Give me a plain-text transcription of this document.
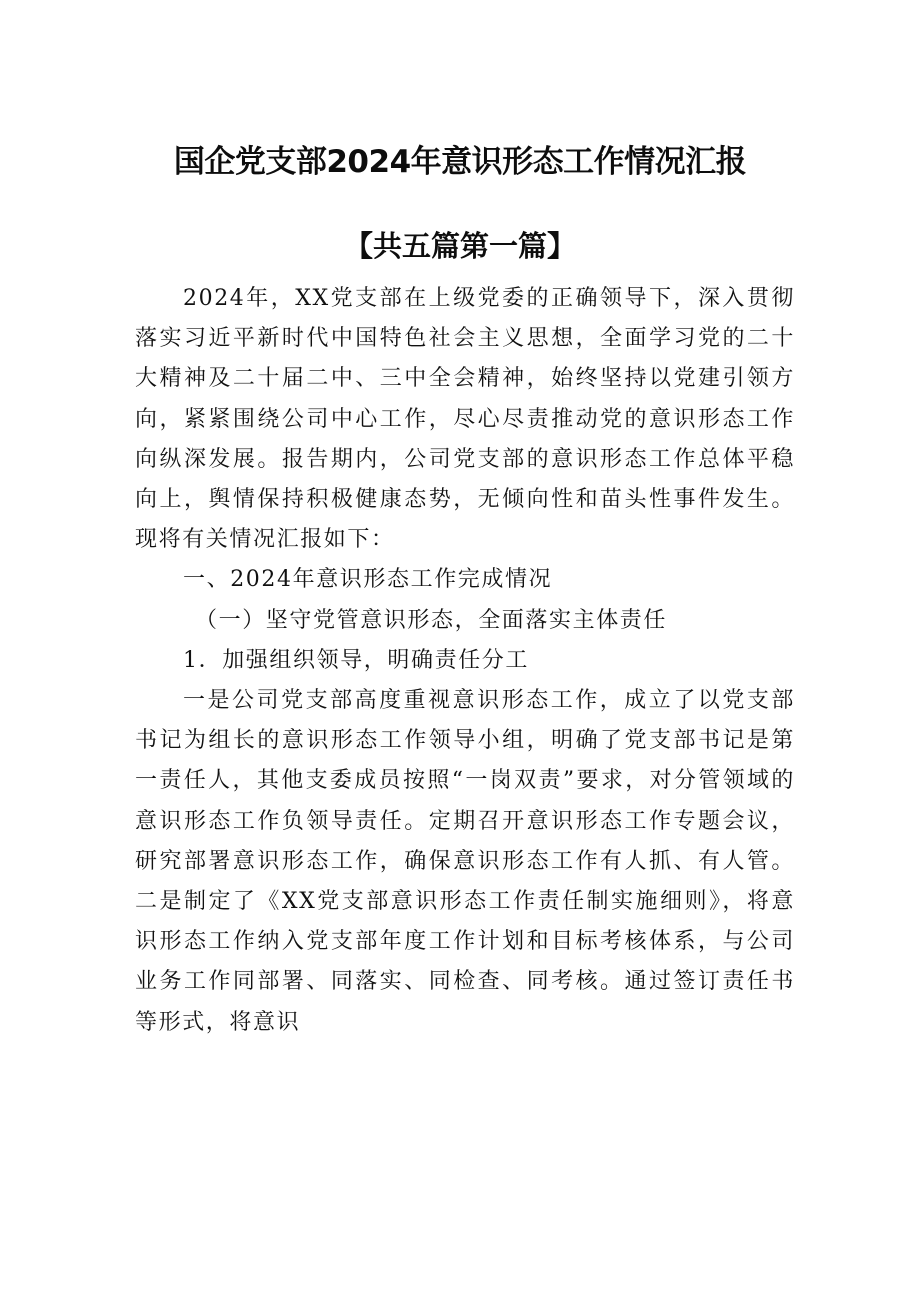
国企党支部2024年意识形态工作情况汇报
【共五篇第一篇】

2024年，XX党支部在上级党委的正确领导下，深入贯彻落实习近平新时代中国特色社会主义思想，全面学习党的二十大精神及二十届二中、三中全会精神，始终坚持以党建引领方向，紧紧围绕公司中心工作，尽心尽责推动党的意识形态工作向纵深发展。报告期内，公司党支部的意识形态工作总体平稳向上，舆情保持积极健康态势，无倾向性和苗头性事件发生。现将有关情况汇报如下：

一、2024年意识形态工作完成情况

（一）坚守党管意识形态，全面落实主体责任

1．加强组织领导，明确责任分工

一是公司党支部高度重视意识形态工作，成立了以党支部书记为组长的意识形态工作领导小组，明确了党支部书记是第一责任人，其他支委成员按照“一岗双责”要求，对分管领域的意识形态工作负领导责任。定期召开意识形态工作专题会议，研究部署意识形态工作，确保意识形态工作有人抓、有人管。二是制定了《XX党支部意识形态工作责任制实施细则》，将意识形态工作纳入党支部年度工作计划和目标考核体系，与公司业务工作同部署、同落实、同检查、同考核。通过签订责任书等形式，将意识
